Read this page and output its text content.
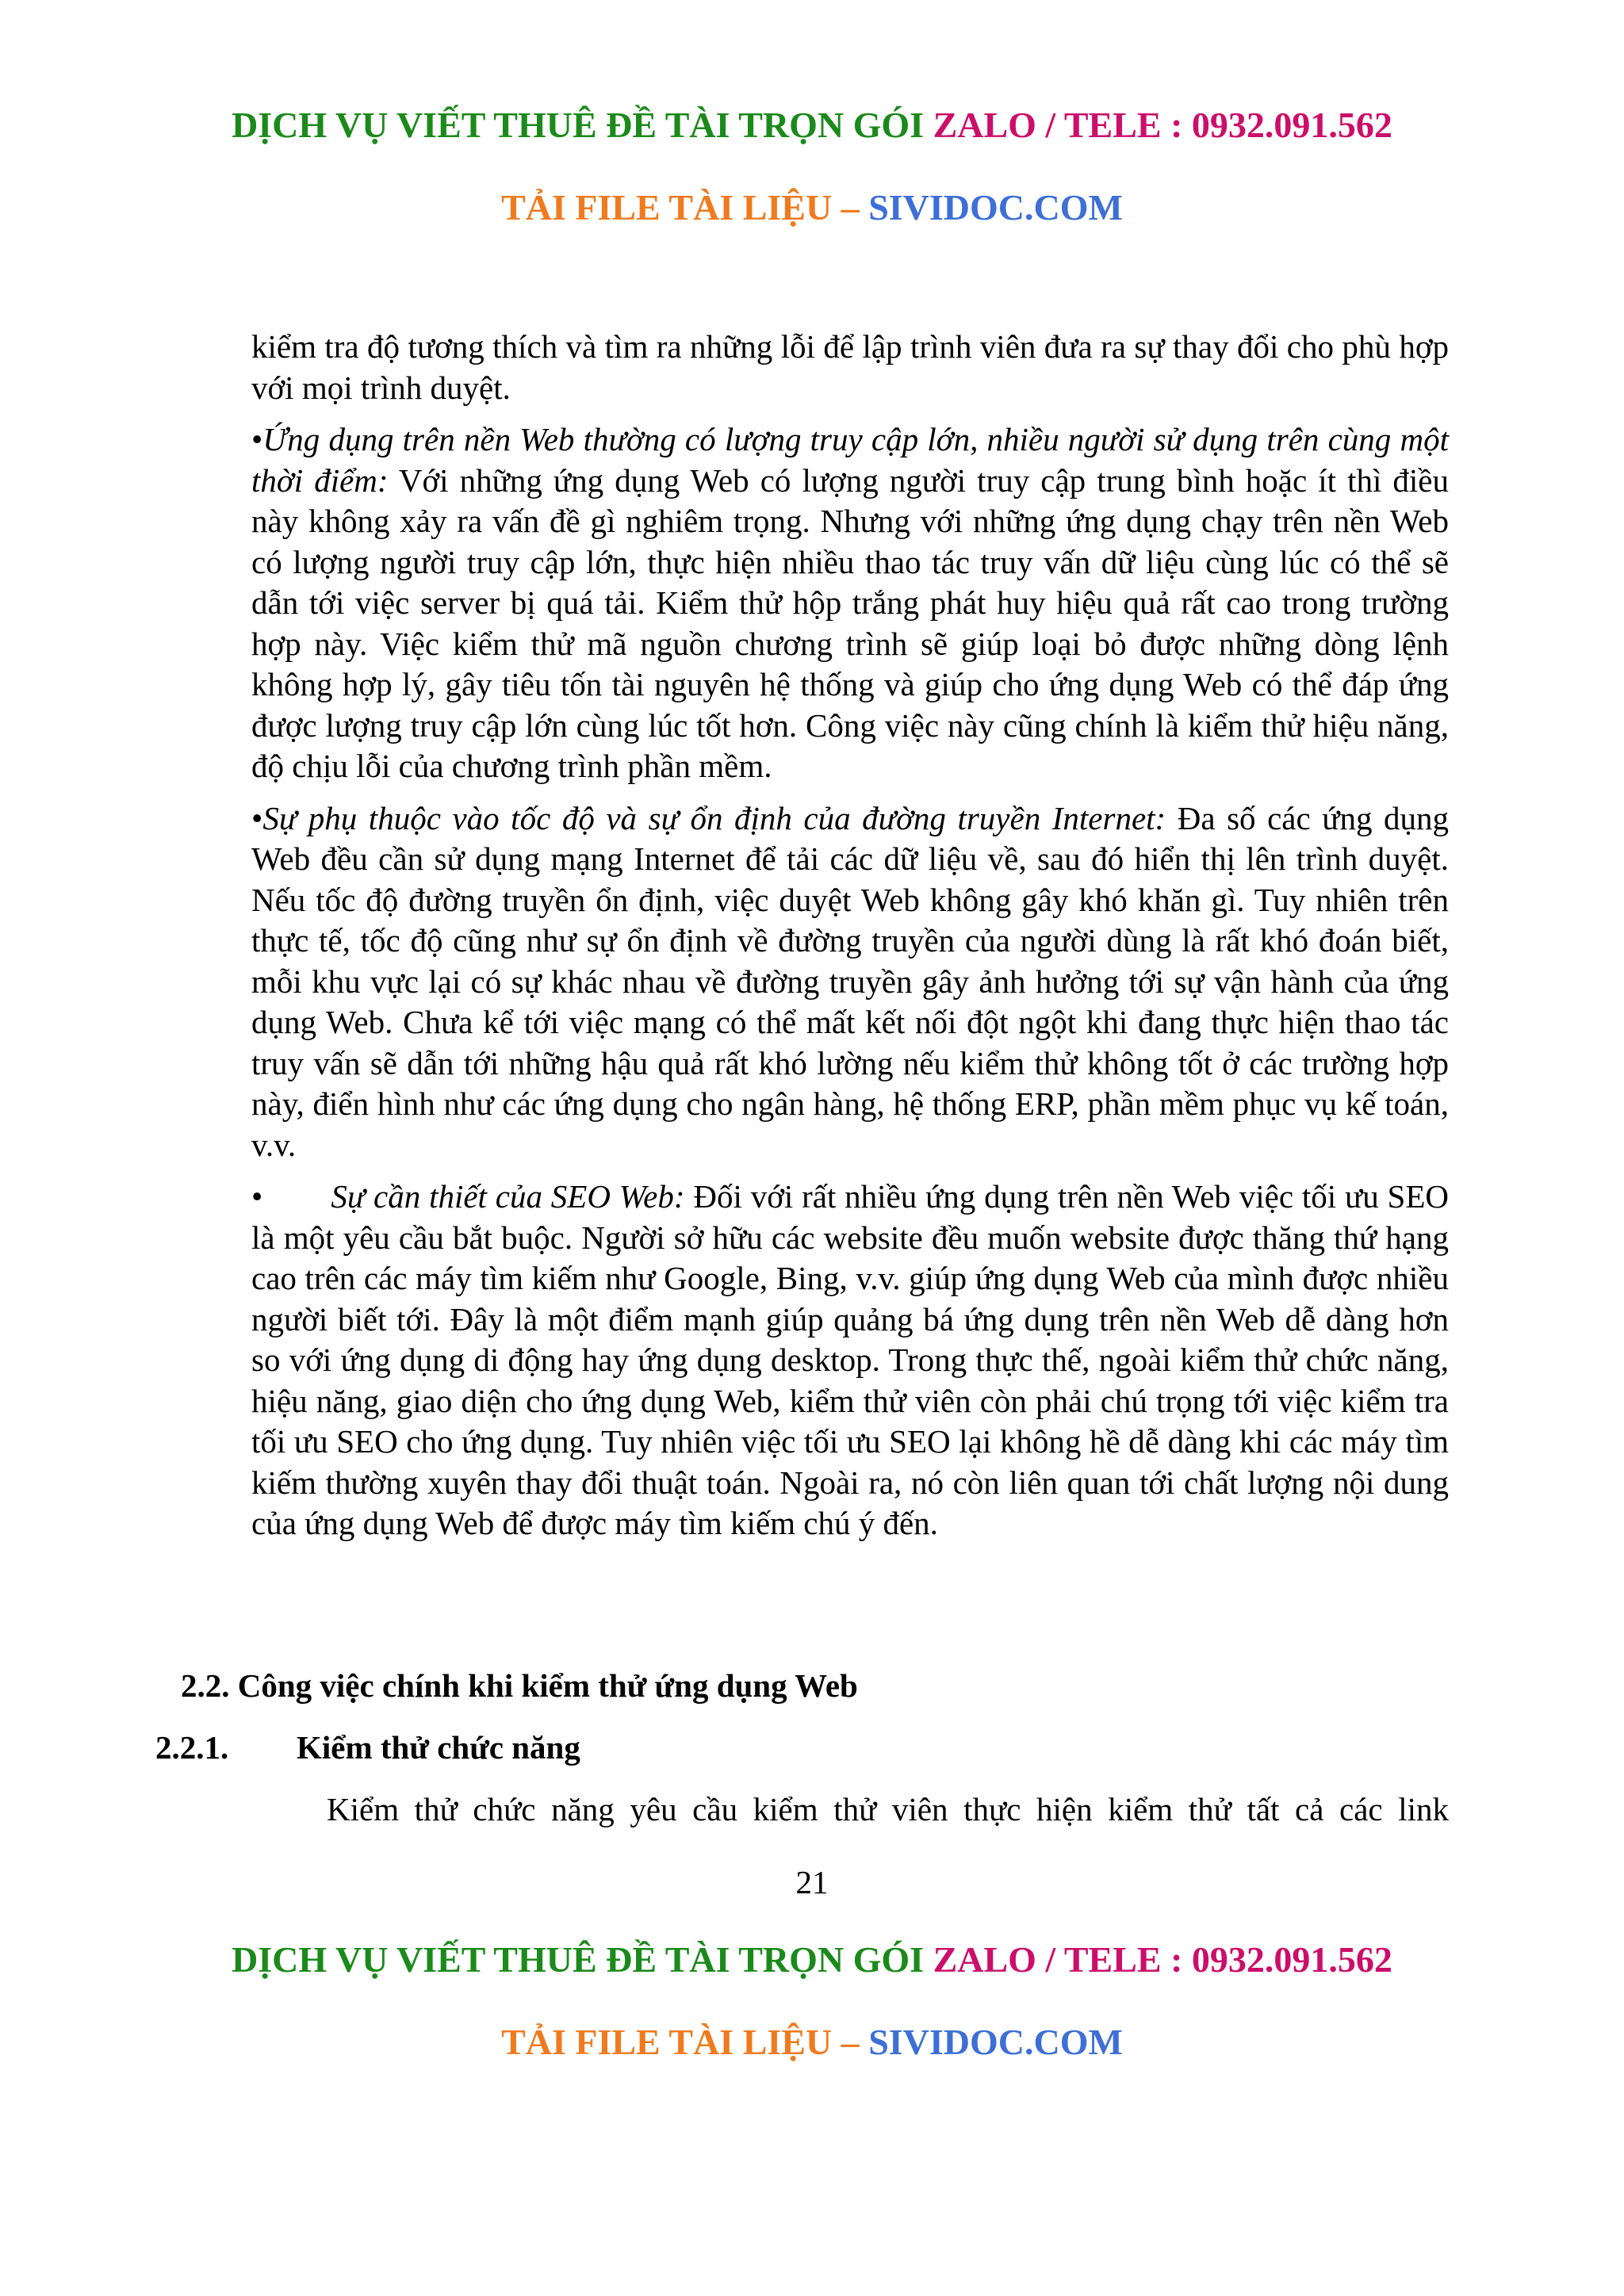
DỊCH VỤ VIẾT THUÊ ĐỀ TÀI TRỌN GÓI ZALO / TELE : 0932.091.562
TẢI FILE TÀI LIỆU – SIVIDOC.COM

kiểm tra độ tương thích và tìm ra những lỗi để lập trình viên đưa ra sự thay đổi cho phù hợp với mọi trình duyệt.

•Ứng dụng trên nền Web thường có lượng truy cập lớn, nhiều người sử dụng trên cùng một thời điểm: Với những ứng dụng Web có lượng người truy cập trung bình hoặc ít thì điều này không xảy ra vấn đề gì nghiêm trọng. Nhưng với những ứng dụng chạy trên nền Web có lượng người truy cập lớn, thực hiện nhiều thao tác truy vấn dữ liệu cùng lúc có thể sẽ dẫn tới việc server bị quá tải. Kiểm thử hộp trắng phát huy hiệu quả rất cao trong trường hợp này. Việc kiểm thử mã nguồn chương trình sẽ giúp loại bỏ được những dòng lệnh không hợp lý, gây tiêu tốn tài nguyên hệ thống và giúp cho ứng dụng Web có thể đáp ứng được lượng truy cập lớn cùng lúc tốt hơn. Công việc này cũng chính là kiểm thử hiệu năng, độ chịu lỗi của chương trình phần mềm.

•Sự phụ thuộc vào tốc độ và sự ổn định của đường truyền Internet: Đa số các ứng dụng Web đều cần sử dụng mạng Internet để tải các dữ liệu về, sau đó hiển thị lên trình duyệt. Nếu tốc độ đường truyền ổn định, việc duyệt Web không gây khó khăn gì. Tuy nhiên trên thực tế, tốc độ cũng như sự ổn định về đường truyền của người dùng là rất khó đoán biết, mỗi khu vực lại có sự khác nhau về đường truyền gây ảnh hưởng tới sự vận hành của ứng dụng Web. Chưa kể tới việc mạng có thể mất kết nối đột ngột khi đang thực hiện thao tác truy vấn sẽ dẫn tới những hậu quả rất khó lường nếu kiểm thử không tốt ở các trường hợp này, điển hình như các ứng dụng cho ngân hàng, hệ thống ERP, phần mềm phục vụ kế toán, v.v.

• Sự cần thiết của SEO Web: Đối với rất nhiều ứng dụng trên nền Web việc tối ưu SEO là một yêu cầu bắt buộc. Người sở hữu các website đều muốn website được thăng thứ hạng cao trên các máy tìm kiếm như Google, Bing, v.v. giúp ứng dụng Web của mình được nhiều người biết tới. Đây là một điểm mạnh giúp quảng bá ứng dụng trên nền Web dễ dàng hơn so với ứng dụng di động hay ứng dụng desktop. Trong thực thế, ngoài kiểm thử chức năng, hiệu năng, giao diện cho ứng dụng Web, kiểm thử viên còn phải chú trọng tới việc kiểm tra tối ưu SEO cho ứng dụng. Tuy nhiên việc tối ưu SEO lại không hề dễ dàng khi các máy tìm kiếm thường xuyên thay đổi thuật toán. Ngoài ra, nó còn liên quan tới chất lượng nội dung của ứng dụng Web để được máy tìm kiếm chú ý đến.

2.2. Công việc chính khi kiểm thử ứng dụng Web
2.2.1. Kiểm thử chức năng
Kiểm thử chức năng yêu cầu kiểm thử viên thực hiện kiểm thử tất cả các link
21
DỊCH VỤ VIẾT THUÊ ĐỀ TÀI TRỌN GÓI ZALO / TELE : 0932.091.562
TẢI FILE TÀI LIỆU – SIVIDOC.COM
